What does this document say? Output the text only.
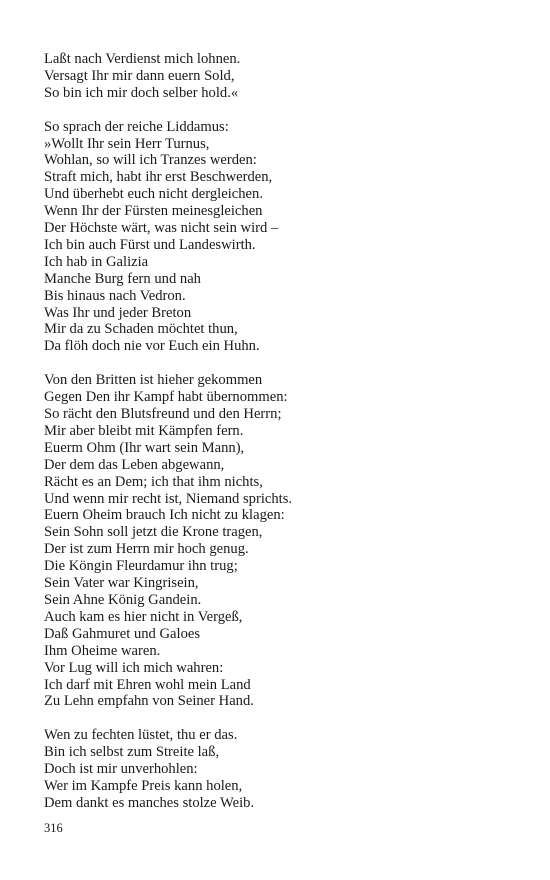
Laßt nach Verdienst mich lohnen.
Versagt Ihr mir dann euern Sold,
So bin ich mir doch selber hold.«
So sprach der reiche Liddamus:
»Wollt Ihr sein Herr Turnus,
Wohlan, so will ich Tranzes werden:
Straft mich, habt ihr erst Beschwerden,
Und überhebt euch nicht dergleichen.
Wenn Ihr der Fürsten meinesgleichen
Der Höchste wärt, was nicht sein wird –
Ich bin auch Fürst und Landeswirth.
Ich hab in Galizia
Manche Burg fern und nah
Bis hinaus nach Vedron.
Was Ihr und jeder Breton
Mir da zu Schaden möchtet thun,
Da flöh doch nie vor Euch ein Huhn.
Von den Britten ist hieher gekommen
Gegen Den ihr Kampf habt übernommen:
So rächt den Blutsfreund und den Herrn;
Mir aber bleibt mit Kämpfen fern.
Euerm Ohm (Ihr wart sein Mann),
Der dem das Leben abgewann,
Rächt es an Dem; ich that ihm nichts,
Und wenn mir recht ist, Niemand sprichts.
Euern Oheim brauch Ich nicht zu klagen:
Sein Sohn soll jetzt die Krone tragen,
Der ist zum Herrn mir hoch genug.
Die Köngin Fleurdamur ihn trug;
Sein Vater war Kingrisein,
Sein Ahne König Gandein.
Auch kam es hier nicht in Vergeß,
Daß Gahmuret und Galoes
Ihm Oheime waren.
Vor Lug will ich mich wahren:
Ich darf mit Ehren wohl mein Land
Zu Lehn empfahn von Seiner Hand.
Wen zu fechten lüstet, thu er das.
Bin ich selbst zum Streite laß,
Doch ist mir unverhohlen:
Wer im Kampfe Preis kann holen,
Dem dankt es manches stolze Weib.
316
